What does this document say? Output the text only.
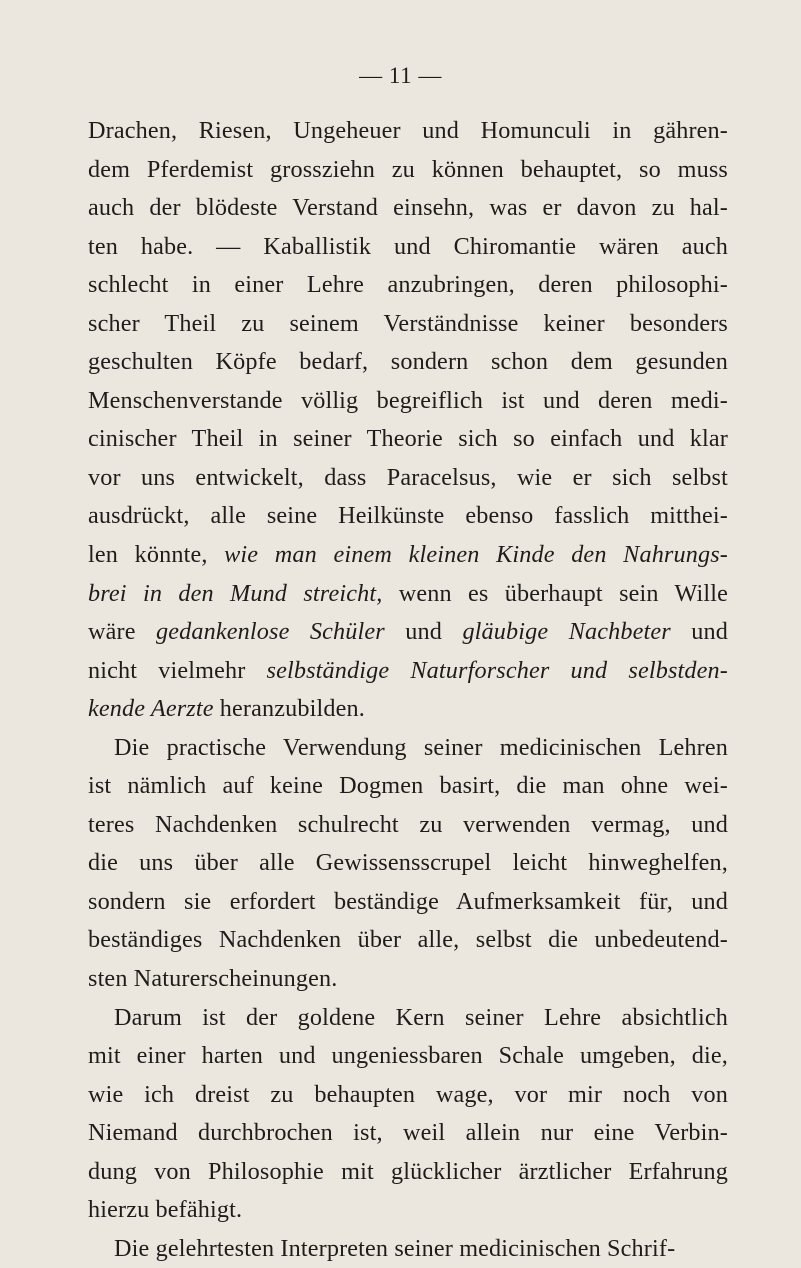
— 11 —
Drachen, Riesen, Ungeheuer und Homunculi in gähren-
dem Pferdemist grossziehn zu können behauptet, so muss
auch der blödeste Verstand einsehn, was er davon zu hal-
ten habe. — Kaballistik und Chiromantie wären auch
schlecht in einer Lehre anzubringen, deren philosophi-
scher Theil zu seinem Verständnisse keiner besonders
geschulten Köpfe bedarf, sondern schon dem gesunden
Menschenverstande völlig begreiflich ist und deren medi-
cinischer Theil in seiner Theorie sich so einfach und klar
vor uns entwickelt, dass Paracelsus, wie er sich selbst
ausdrückt, alle seine Heilkünste ebenso fasslich mitthei-
len könnte, wie man einem kleinen Kinde den Nahrungs-
brei in den Mund streicht, wenn es überhaupt sein Wille
wäre gedankenlose Schüler und gläubige Nachbeter und
nicht vielmehr selbständige Naturforscher und selbstden-
kende Aerzte heranzubilden.
Die practische Verwendung seiner medicinischen Lehren
ist nämlich auf keine Dogmen basirt, die man ohne wei-
teres Nachdenken schulrecht zu verwenden vermag, und
die uns über alle Gewissensscrupel leicht hinweghelfen,
sondern sie erfordert beständige Aufmerksamkeit für, und
beständiges Nachdenken über alle, selbst die unbedeutend-
sten Naturerscheinungen.
Darum ist der goldene Kern seiner Lehre absichtlich
mit einer harten und ungeniessbaren Schale umgeben, die,
wie ich dreist zu behaupten wage, vor mir noch von
Niemand durchbrochen ist, weil allein nur eine Verbin-
dung von Philosophie mit glücklicher ärztlicher Erfahrung
hierzu befähigt.
Die gelehrtesten Interpreten seiner medicinischen Schrif-
